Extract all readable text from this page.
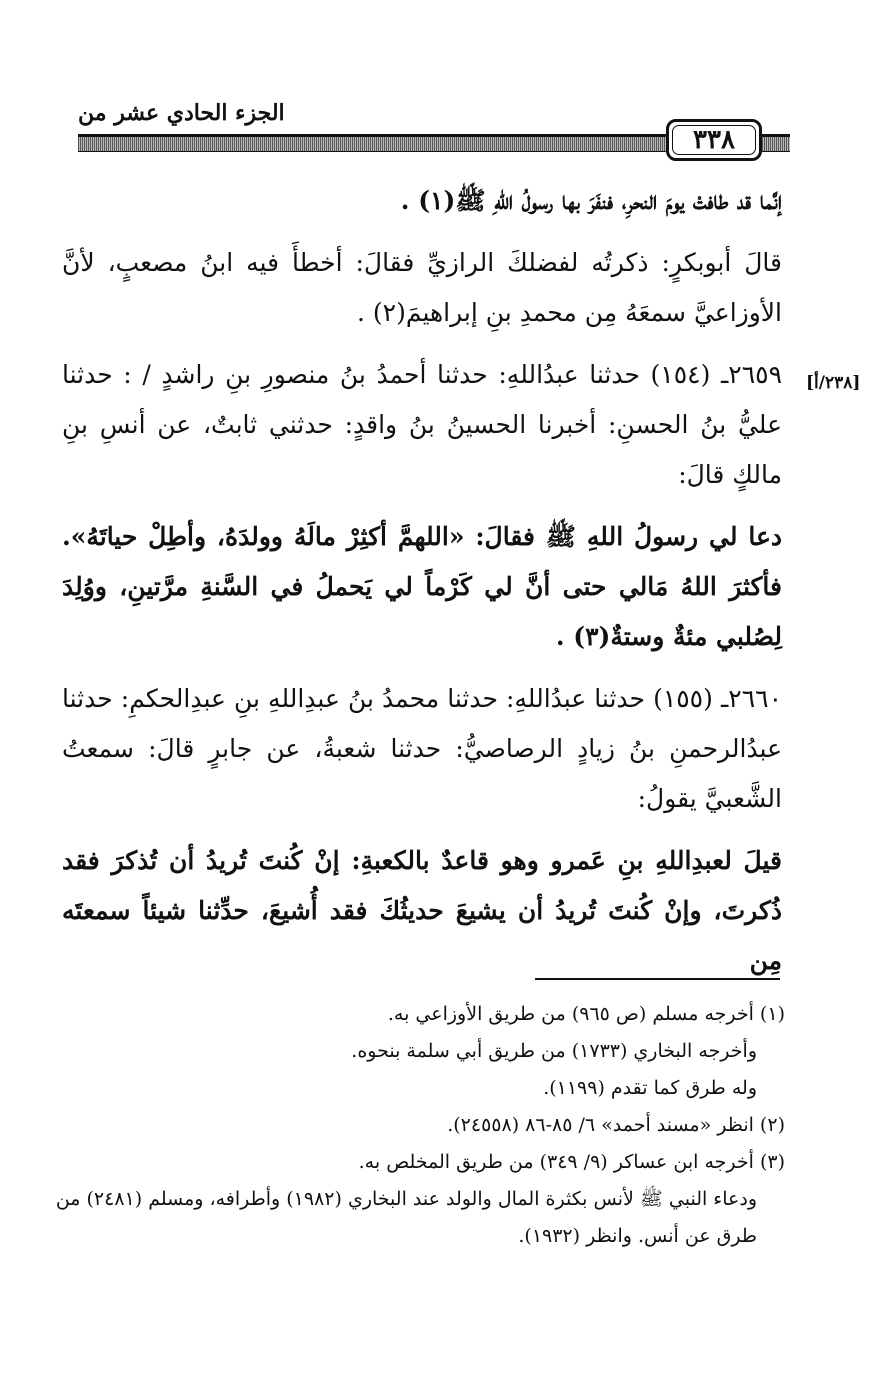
الجزء الحادي عشر من
٣٣٨
[٢٣٨/أ]

إنَّما قد طافتْ يومَ النحرِ، فنفَرَ بها رسولُ اللهِ ﷺ(١) .

قالَ أبوبكرٍ: ذكرتُه لفضلكَ الرازيِّ فقالَ: أخطأَ فيه ابنُ مصعبٍ، لأنَّ الأوزاعيَّ سمعَهُ مِن محمدِ بنِ إبراهيمَ(٢) .

٢٦٥٩ـ (١٥٤) حدثنا عبدُاللهِ: حدثنا أحمدُ بنُ منصورِ بنِ راشدٍ / : حدثنا عليُّ بنُ الحسنِ: أخبرنا الحسينُ بنُ واقدٍ: حدثني ثابتٌ، عن أنسِ بنِ مالكٍ قالَ:

دعا لي رسولُ اللهِ ﷺ فقالَ: «اللهمَّ أكثِرْ مالَهُ وولدَهُ، وأطِلْ حياتَهُ». فأكثرَ اللهُ مَالي حتى أنَّ لي كَرْماً لي يَحملُ في السَّنةِ مرَّتينِ، ووُلِدَ لِصُلبي مئةٌ وستةٌ(٣) .

٢٦٦٠ـ (١٥٥) حدثنا عبدُاللهِ: حدثنا محمدُ بنُ عبدِاللهِ بنِ عبدِالحكمِ: حدثنا عبدُالرحمنِ بنُ زيادٍ الرصاصيُّ: حدثنا شعبةُ، عن جابرٍ قالَ: سمعتُ الشَّعبيَّ يقولُ:

قيلَ لعبدِاللهِ بنِ عَمرو وهو قاعدٌ بالكعبةِ: إنْ كُنتَ تُريدُ أن تُذكرَ فقد ذُكرتَ، وإنْ كُنتَ تُريدُ أن يشيعَ حديثُكَ فقد أُشيعَ، حدِّثنا شيئاً سمعتَه مِن

(١) أخرجه مسلم (ص ٩٦٥) من طريق الأوزاعي به.

وأخرجه البخاري (١٧٣٣) من طريق أبي سلمة بنحوه.

وله طرق كما تقدم (١١٩٩).

(٢) انظر «مسند أحمد» ٦/ ٨٥-٨٦ (٢٤٥٥٨).

(٣) أخرجه ابن عساكر (٩/ ٣٤٩) من طريق المخلص به.

ودعاء النبي ﷺ لأنس بكثرة المال والولد عند البخاري (١٩٨٢) وأطرافه، ومسلم (٢٤٨١) من طرق عن أنس. وانظر (١٩٣٢).
